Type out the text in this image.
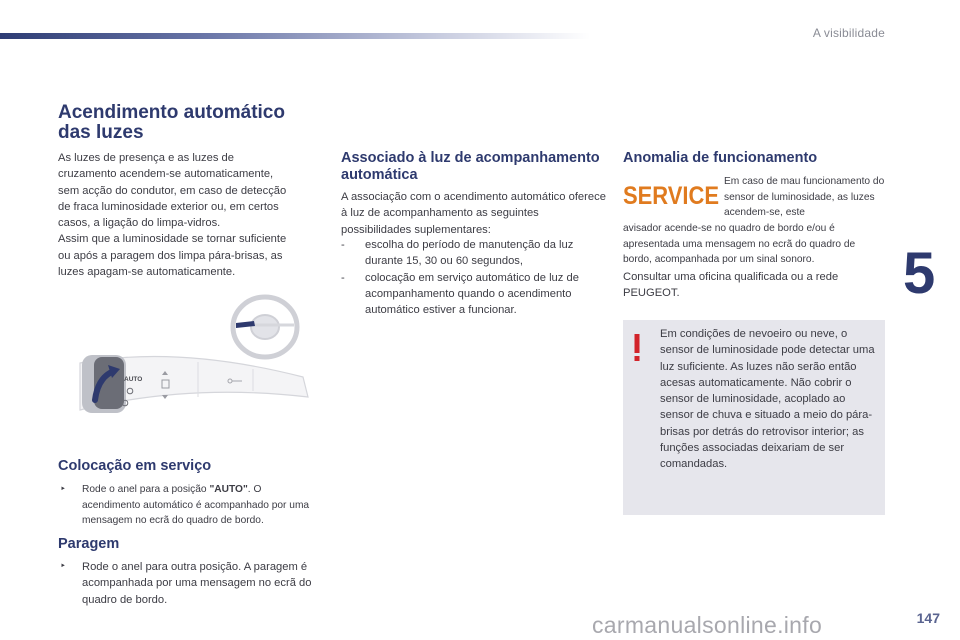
A visibilidade
5
147
Acendimento automático das luzes

As luzes de presença e as luzes de
cruzamento acendem-se automaticamente,
sem acção do condutor, em caso de detecção
de fraca luminosidade exterior ou, em certos
casos, a ligação do limpa-vidros.
Assim que a luminosidade se tornar suficiente
ou após a paragem dos limpa pára-brisas, as
luzes apagam-se automaticamente.

AUTO
Colocação em serviço
‣	Rode o anel para a posição "AUTO". O acendimento automático é acompanhado por uma mensagem no ecrã do quadro de bordo.

Paragem
‣	Rode o anel para outra posição. A paragem é acompanhada por uma mensagem no ecrã do quadro de bordo.

Associado à luz de acompanhamento automática

A associação com o acendimento automático oferece à luz de acompanhamento as seguintes possibilidades suplementares:

-	escolha do período de manutenção da luz durante 15, 30 ou 60 segundos,
-	colocação em serviço automático de luz de acompanhamento quando o acendimento automático estiver a funcionar.
Anomalia de funcionamento
SERVICE

Em caso de mau funcionamento do sensor de luminosidade, as luzes acendem-se, este

avisador acende-se no quadro de bordo e/ou é apresentada uma mensagem no ecrã do quadro de bordo, acompanhada por um sinal sonoro.

Consultar uma oficina qualificada ou a rede PEUGEOT.

Em condições de nevoeiro ou neve, o sensor de luminosidade pode detectar uma luz suficiente. As luzes não serão então acesas automaticamente. Não cobrir o sensor de luminosidade, acoplado ao sensor de chuva e situado a meio do pára-brisas por detrás do retrovisor interior; as funções associadas deixariam de ser comandadas.

carmanualsonline.info
